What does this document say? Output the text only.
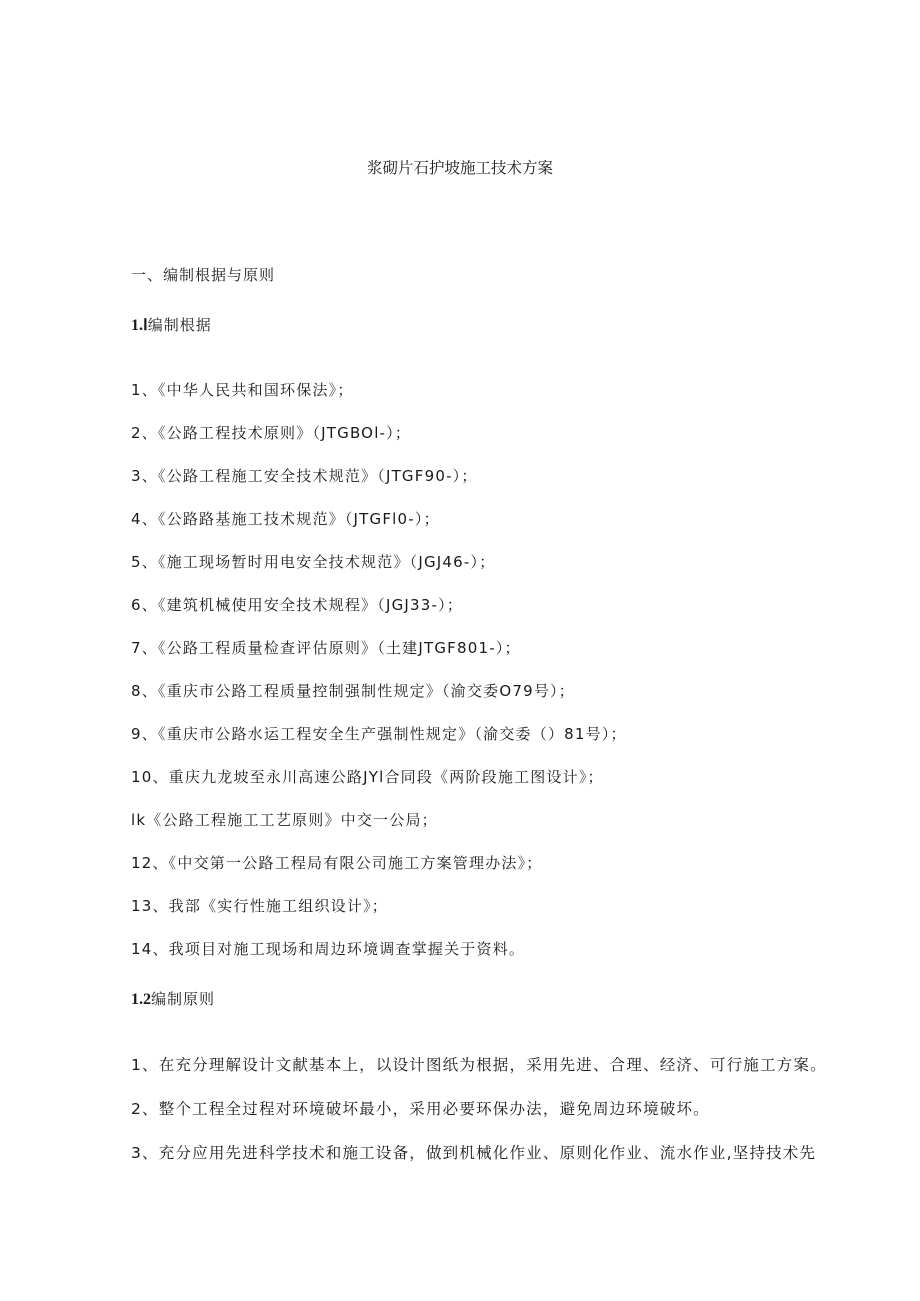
浆砌片石护坡施工技术方案
一、编制根据与原则
1.Ⅰ编制根据
1、《中华人民共和国环保法》；
2、《公路工程技术原则》（JTGBOl-）；
3、《公路工程施工安全技术规范》（JTGF90-）；
4、《公路路基施工技术规范》（JTGFl0-）；
5、《施工现场暂时用电安全技术规范》（JGJ46-）；
6、《建筑机械使用安全技术规程》（JGJ33-）；
7、《公路工程质量检查评估原则》（土建JTGF801-）；
8、《重庆市公路工程质量控制强制性规定》（渝交委O79号）；
9、《重庆市公路水运工程安全生产强制性规定》（渝交委（）81号）；
10、重庆九龙坡至永川高速公路JYl合同段《两阶段施工图设计》；
lk《公路工程施工工艺原则》中交一公局；
12、《中交第一公路工程局有限公司施工方案管理办法》；
13、我部《实行性施工组织设计》；
14、我项目对施工现场和周边环境调查掌握关于资料。
1.2编制原则
1、在充分理解设计文献基本上，以设计图纸为根据，采用先进、合理、经济、可行施工方案。
2、整个工程全过程对环境破坏最小，采用必要环保办法，避免周边环境破坏。
3、充分应用先进科学技术和施工设备，做到机械化作业、原则化作业、流水作业,坚持技术先
